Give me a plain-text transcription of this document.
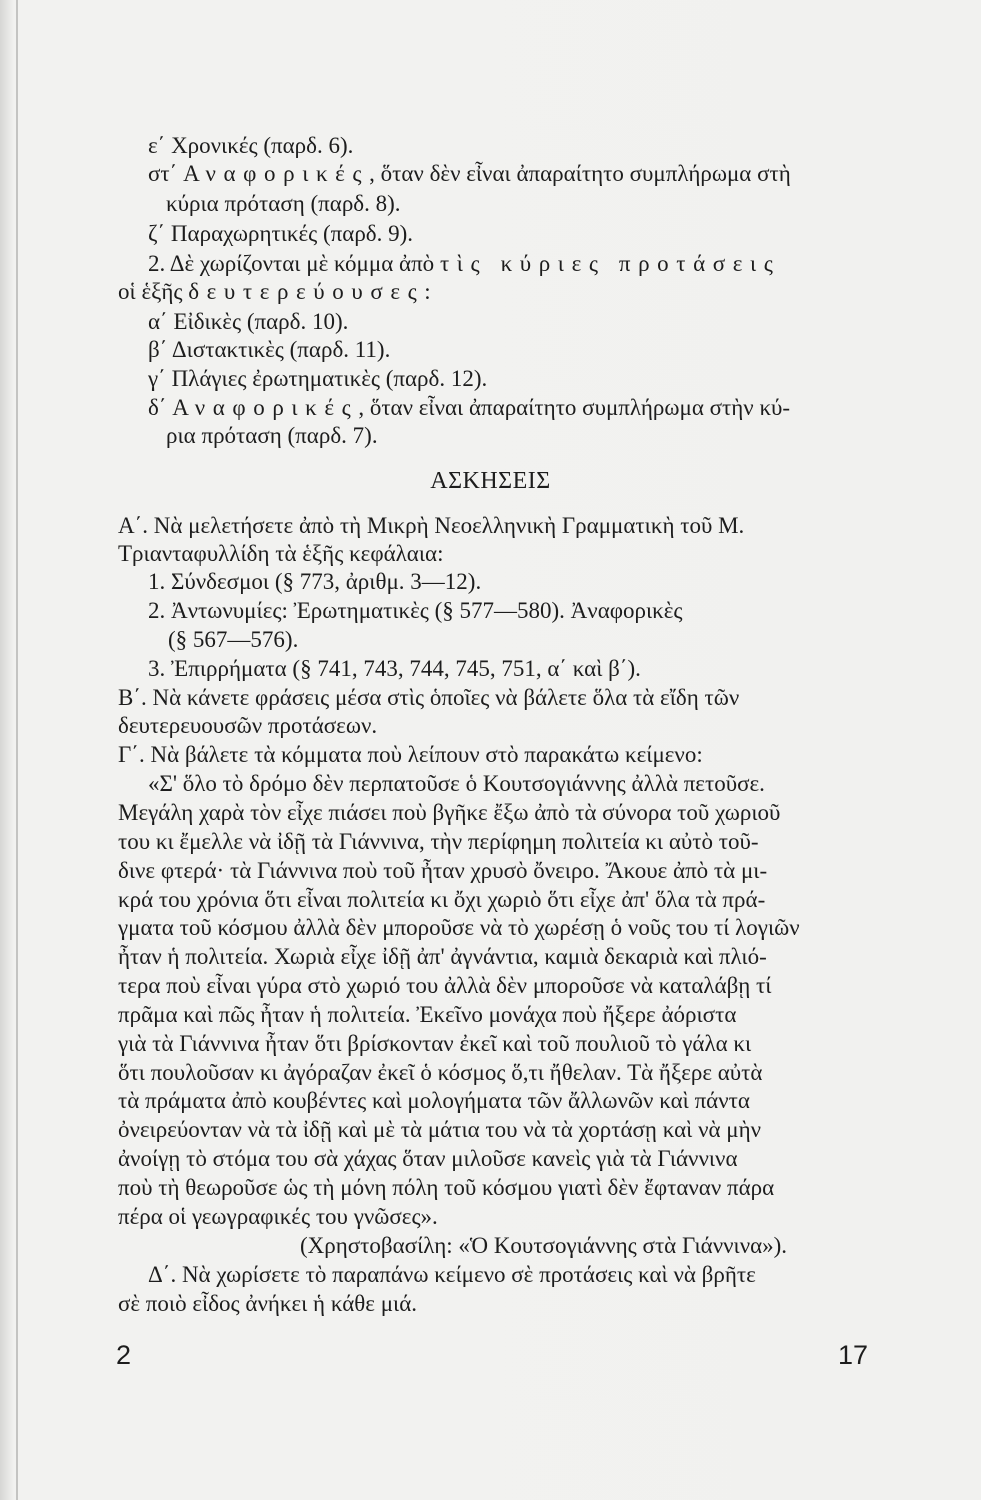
ε΄ Χρονικές (παρδ. 6).
στ΄ Αναφορικές, ὅταν δὲν εἶναι ἀπαραίτητο συμπλήρωμα στὴ
κύρια πρόταση (παρδ. 8).
ζ΄ Παραχωρητικές (παρδ. 9).
2. Δὲ χωρίζονται μὲ κόμμα ἀπὸ τὶς κύριες προτάσεις
οἱ ἑξῆς δευτερεύουσες:
α΄ Εἰδικὲς (παρδ. 10).
β΄ Διστακτικὲς (παρδ. 11).
γ΄ Πλάγιες ἐρωτηματικὲς (παρδ. 12).
δ΄ Αναφορικές, ὅταν εἶναι ἀπαραίτητο συμπλήρωμα στὴν κύ-
ρια πρόταση (παρδ. 7).
ΑΣΚΗΣΕΙΣ
Α΄. Νὰ μελετήσετε ἀπὸ τὴ Μικρὴ Νεοελληνικὴ Γραμματικὴ τοῦ Μ.
Τριανταφυλλίδη τὰ ἑξῆς κεφάλαια:
1. Σύνδεσμοι (§ 773, ἀριθμ. 3—12).
2. Ἀντωνυμίες: Ἐρωτηματικὲς (§ 577—580). Ἀναφορικὲς
(§ 567—576).
3. Ἐπιρρήματα (§ 741, 743, 744, 745, 751, α΄ καὶ β΄).
Β΄. Νὰ κάνετε φράσεις μέσα στὶς ὁποῖες νὰ βάλετε ὅλα τὰ εἴδη τῶν
δευτερευουσῶν προτάσεων.
Γ΄. Νὰ βάλετε τὰ κόμματα ποὺ λείπουν στὸ παρακάτω κείμενο:
«Σ' ὅλο τὸ δρόμο δὲν περπατοῦσε ὁ Κουτσογιάννης ἀλλὰ πετοῦσε.
Μεγάλη χαρὰ τὸν εἶχε πιάσει ποὺ βγῆκε ἔξω ἀπὸ τὰ σύνορα τοῦ χωριοῦ
του κι ἔμελλε νὰ ἰδῇ τὰ Γιάννινα, τὴν περίφημη πολιτεία κι αὐτὸ τοῦ-
δινε φτερά· τὰ Γιάννινα ποὺ τοῦ ἦταν χρυσὸ ὄνειρο. Ἄκουε ἀπὸ τὰ μι-
κρά του χρόνια ὅτι εἶναι πολιτεία κι ὄχι χωριὸ ὅτι εἶχε ἀπ' ὅλα τὰ πρά-
γματα τοῦ κόσμου ἀλλὰ δὲν μποροῦσε νὰ τὸ χωρέσῃ ὁ νοῦς του τί λογιῶν
ἦταν ἡ πολιτεία. Χωριὰ εἶχε ἰδῇ ἀπ' ἀγνάντια, καμιὰ δεκαριὰ καὶ πλιό-
τερα ποὺ εἶναι γύρα στὸ χωριό του ἀλλὰ δὲν μποροῦσε νὰ καταλάβῃ τί
πρᾶμα καὶ πῶς ἦταν ἡ πολιτεία. Ἐκεῖνο μονάχα ποὺ ἤξερε ἀόριστα
γιὰ τὰ Γιάννινα ἦταν ὅτι βρίσκονταν ἐκεῖ καὶ τοῦ πουλιοῦ τὸ γάλα κι
ὅτι πουλοῦσαν κι ἀγόραζαν ἐκεῖ ὁ κόσμος ὅ,τι ἤθελαν. Τὰ ἤξερε αὐτὰ
τὰ πράματα ἀπὸ κουβέντες καὶ μολογήματα τῶν ἄλλωνῶν καὶ πάντα
ὀνειρεύονταν νὰ τὰ ἰδῇ καὶ μὲ τὰ μάτια του νὰ τὰ χορτάσῃ καὶ νὰ μὴν
ἀνοίγῃ τὸ στόμα του σὰ χάχας ὅταν μιλοῦσε κανεὶς γιὰ τὰ Γιάννινα
ποὺ τὴ θεωροῦσε ὡς τὴ μόνη πόλη τοῦ κόσμου γιατὶ δὲν ἔφταναν πάρα
πέρα οἱ γεωγραφικές του γνῶσες».
(Χρηστοβασίλη: «Ὁ Κουτσογιάννης στὰ Γιάννινα»).
Δ΄. Νὰ χωρίσετε τὸ παραπάνω κείμενο σὲ προτάσεις καὶ νὰ βρῆτε
σὲ ποιὸ εἶδος ἀνήκει ἡ κάθε μιά.
2	17
